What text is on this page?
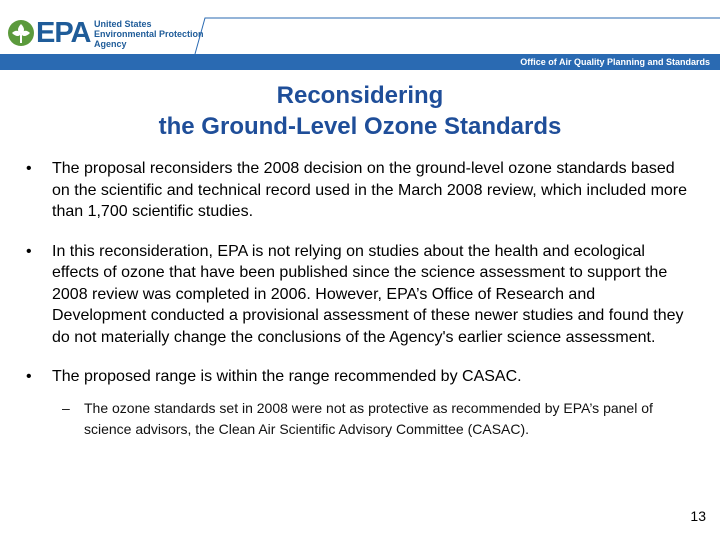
EPA United States
Environmental Protection
Agency
Office of Air Quality Planning and Standards
Reconsidering
the Ground-Level Ozone Standards
• The proposal reconsiders the 2008 decision on the ground-level ozone standards based on the scientific and technical record used in the March 2008 review, which included more than 1,700 scientific studies.
• In this reconsideration, EPA is not relying on studies about the health and ecological effects of ozone that have been published since the science assessment to support the 2008 review was completed in 2006. However, EPA’s Office of Research and Development conducted a provisional assessment of these newer studies and found they do not materially change the conclusions of the Agency's earlier science assessment.
• The proposed range is within the range recommended by CASAC.
– The ozone standards set in 2008 were not as protective as recommended by EPA’s panel of science advisors, the Clean Air Scientific Advisory Committee (CASAC).
13
